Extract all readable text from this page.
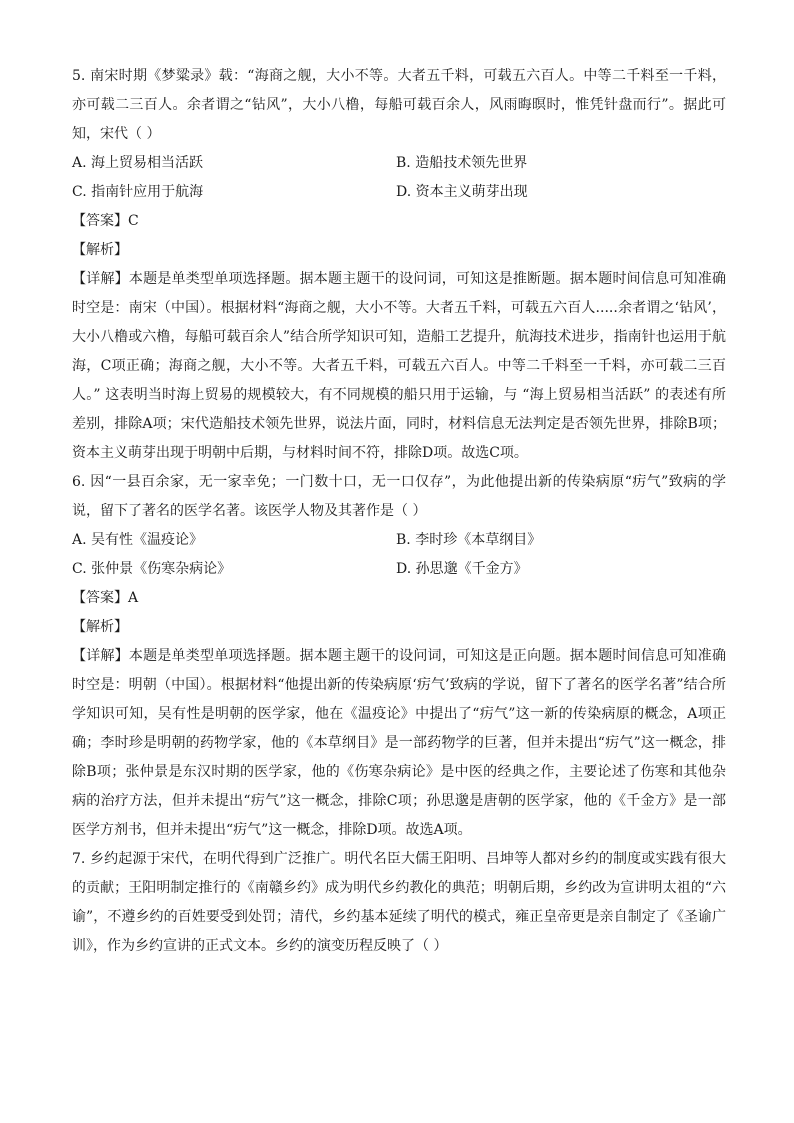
5. 南宋时期《梦粱录》载：“海商之舰，大小不等。大者五千料，可载五六百人。中等二千料至一千料，亦可载二三百人。余者谓之“钻风”，大小八橹，每船可载百余人，风雨晦暝时，惟凭针盘而行”。据此可知，宋代（ ）

A. 海上贸易相当活跃	B. 造船技术领先世界
C. 指南针应用于航海	D. 资本主义萌芽出现
【答案】C
【解析】

【详解】本题是单类型单项选择题。据本题主题干的设问词，可知这是推断题。据本题时间信息可知准确时空是：南宋（中国）。根据材料“海商之舰，大小不等。大者五千料，可载五六百人.....余者谓之‘钻风’，大小八橹或六橹，每船可载百余人”结合所学知识可知，造船工艺提升，航海技术进步，指南针也运用于航海，C项正确；海商之舰，大小不等。大者五千料，可载五六百人。中等二千料至一千料，亦可载二三百人。” 这表明当时海上贸易的规模较大，有不同规模的船只用于运输，与 “海上贸易相当活跃” 的表述有所差别，排除A项；宋代造船技术领先世界，说法片面，同时，材料信息无法判定是否领先世界，排除B项；资本主义萌芽出现于明朝中后期，与材料时间不符，排除D项。故选C项。

6. 因“一县百余家，无一家幸免；一门数十口，无一口仅存”，为此他提出新的传染病原“疠气”致病的学说，留下了著名的医学名著。该医学人物及其著作是（ ）

A. 吴有性《温疫论》	B. 李时珍《本草纲目》
C. 张仲景《伤寒杂病论》	D. 孙思邈《千金方》
【答案】A
【解析】

【详解】本题是单类型单项选择题。据本题主题干的设问词，可知这是正向题。据本题时间信息可知准确时空是：明朝（中国）。根据材料“他提出新的传染病原‘疠气’致病的学说，留下了著名的医学名著”结合所学知识可知，吴有性是明朝的医学家，他在《温疫论》中提出了“疠气”这一新的传染病原的概念，A项正确；李时珍是明朝的药物学家，他的《本草纲目》是一部药物学的巨著，但并未提出“疠气”这一概念，排除B项；张仲景是东汉时期的医学家，他的《伤寒杂病论》是中医的经典之作，主要论述了伤寒和其他杂病的治疗方法，但并未提出“疠气”这一概念，排除C项；孙思邈是唐朝的医学家，他的《千金方》是一部医学方剂书，但并未提出“疠气”这一概念，排除D项。故选A项。

7. 乡约起源于宋代，在明代得到广泛推广。明代名臣大儒王阳明、吕坤等人都对乡约的制度或实践有很大的贡献；王阳明制定推行的《南赣乡约》成为明代乡约教化的典范；明朝后期，乡约改为宣讲明太祖的“六谕”，不遵乡约的百姓要受到处罚；清代，乡约基本延续了明代的模式，雍正皇帝更是亲自制定了《圣谕广训》，作为乡约宣讲的正式文本。乡约的演变历程反映了（ ）
